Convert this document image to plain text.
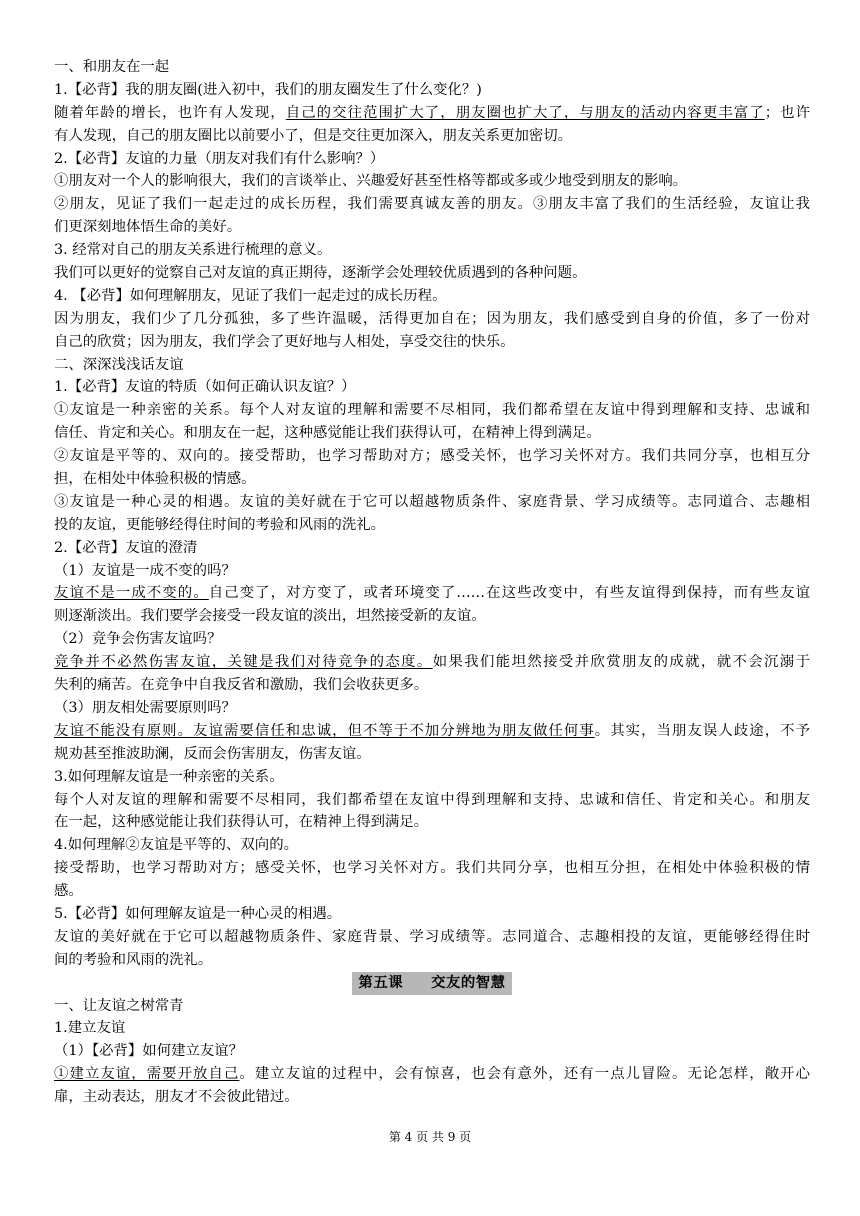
一、和朋友在一起
1.【必背】我的朋友圈(进入初中，我们的朋友圈发生了什么变化？)
随着年龄的增长，也许有人发现，自己的交往范围扩大了，朋友圈也扩大了，与朋友的活动内容更丰富了；也许
有人发现，自己的朋友圈比以前要小了，但是交往更加深入，朋友关系更加密切。
2.【必背】友谊的力量（朋友对我们有什么影响？）
①朋友对一个人的影响很大，我们的言谈举止、兴趣爱好甚至性格等都或多或少地受到朋友的影响。
②朋友，见证了我们一起走过的成长历程，我们需要真诚友善的朋友。③朋友丰富了我们的生活经验，友谊让我
们更深刻地体悟生命的美好。
3. 经常对自己的朋友关系进行梳理的意义。
我们可以更好的觉察自己对友谊的真正期待，逐渐学会处理较优质遇到的各种问题。
4. 【必背】如何理解朋友，见证了我们一起走过的成长历程。
因为朋友，我们少了几分孤独，多了些许温暖，活得更加自在；因为朋友，我们感受到自身的价值，多了一份对
自己的欣赏；因为朋友，我们学会了更好地与人相处，享受交往的快乐。
二、深深浅浅话友谊
1.【必背】友谊的特质（如何正确认识友谊？）
①友谊是一种亲密的关系。每个人对友谊的理解和需要不尽相同，我们都希望在友谊中得到理解和支持、忠诚和
信任、肯定和关心。和朋友在一起，这种感觉能让我们获得认可，在精神上得到满足。
②友谊是平等的、双向的。接受帮助，也学习帮助对方；感受关怀，也学习关怀对方。我们共同分享，也相互分
担，在相处中体验积极的情感。
③友谊是一种心灵的相遇。友谊的美好就在于它可以超越物质条件、家庭背景、学习成绩等。志同道合、志趣相
投的友谊，更能够经得住时间的考验和风雨的洗礼。
2.【必背】友谊的澄清
（1）友谊是一成不变的吗？
友谊不是一成不变的。自己变了，对方变了，或者环境变了……在这些改变中，有些友谊得到保持，而有些友谊
则逐渐淡出。我们要学会接受一段友谊的淡出，坦然接受新的友谊。
（2）竞争会伤害友谊吗？
竞争并不必然伤害友谊，关键是我们对待竞争的态度。如果我们能坦然接受并欣赏朋友的成就，就不会沉溺于
失利的痛苦。在竞争中自我反省和激励，我们会收获更多。
（3）朋友相处需要原则吗？
友谊不能没有原则。友谊需要信任和忠诚，但不等于不加分辨地为朋友做任何事。其实，当朋友误人歧途，不予
规劝甚至推波助澜，反而会伤害朋友，伤害友谊。
3.如何理解友谊是一种亲密的关系。
每个人对友谊的理解和需要不尽相同，我们都希望在友谊中得到理解和支持、忠诚和信任、肯定和关心。和朋友
在一起，这种感觉能让我们获得认可，在精神上得到满足。
4.如何理解②友谊是平等的、双向的。
接受帮助，也学习帮助对方；感受关怀，也学习关怀对方。我们共同分享，也相互分担，在相处中体验积极的情
感。
5.【必背】如何理解友谊是一种心灵的相遇。
友谊的美好就在于它可以超越物质条件、家庭背景、学习成绩等。志同道合、志趣相投的友谊，更能够经得住时
间的考验和风雨的洗礼。
第五课 交友的智慧
一、让友谊之树常青
1.建立友谊
（1）【必背】如何建立友谊？
①建立友谊，需要开放自己。建立友谊的过程中，会有惊喜，也会有意外，还有一点儿冒险。无论怎样，敞开心
扉，主动表达，朋友才不会彼此错过。
第 4 页 共 9 页
